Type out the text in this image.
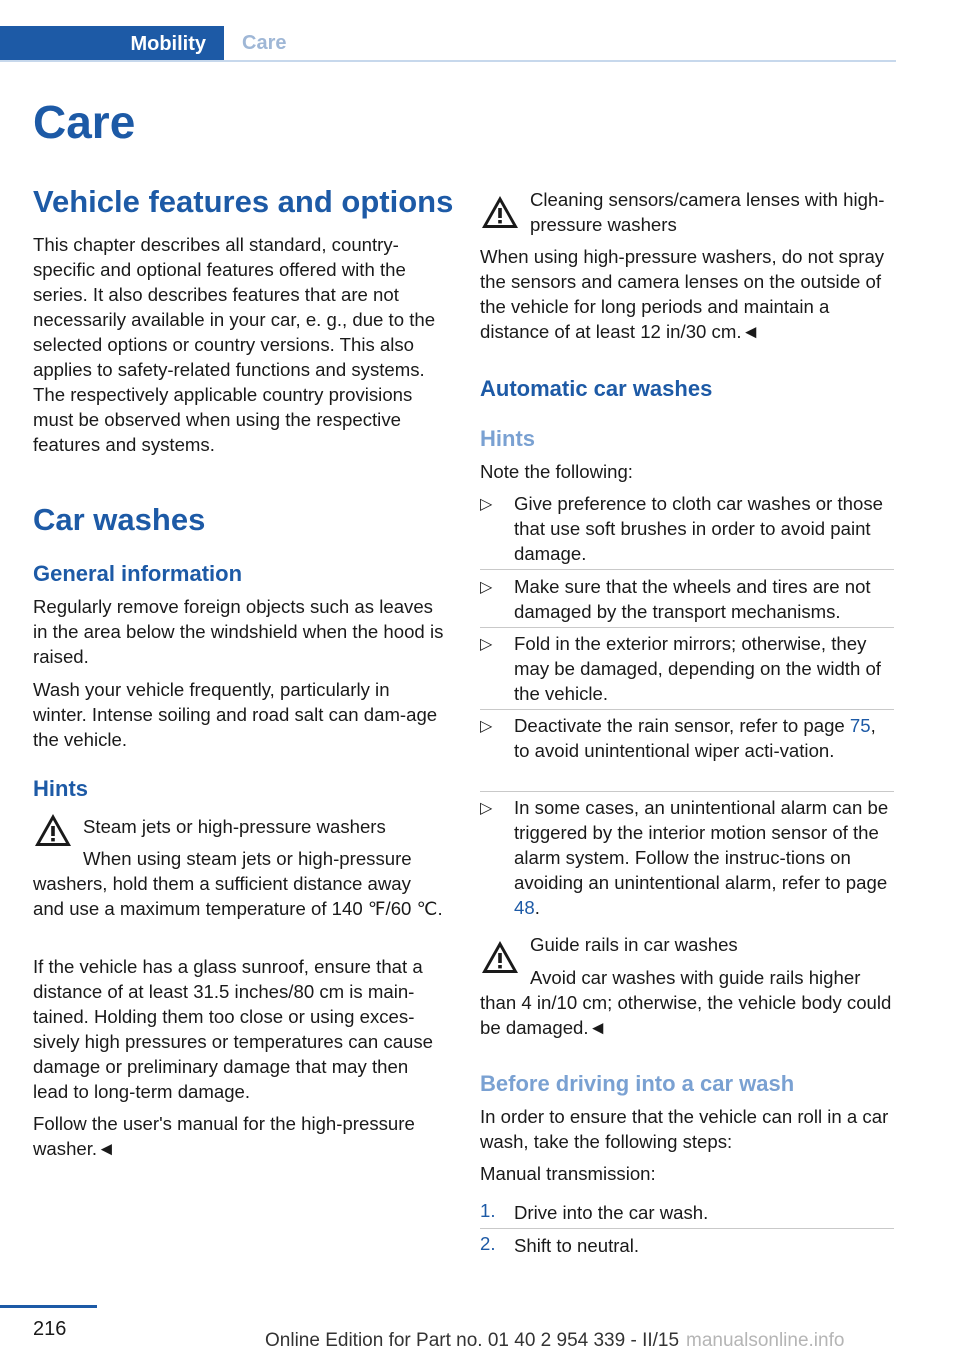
Mobility	Care
Care
Vehicle features and options

This chapter describes all standard, country-specific and optional features offered with the series. It also describes features that are not necessarily available in your car, e. g., due to the selected options or country versions. This also applies to safety-related functions and systems. The respectively applicable country provisions must be observed when using the respective features and systems.

Car washes
General information

Regularly remove foreign objects such as leaves in the area below the windshield when the hood is raised.

Wash your vehicle frequently, particularly in winter. Intense soiling and road salt can dam-age the vehicle.

Hints

Steam jets or high-pressure washers

When using steam jets or high-pressure washers, hold them a sufficient distance away and use a maximum temperature of 140 ℉/60 ℃.

If the vehicle has a glass sunroof, ensure that a distance of at least 31.5 inches/80 cm is main-tained. Holding them too close or using exces-sively high pressures or temperatures can cause damage or preliminary damage that may then lead to long-term damage.

Follow the user's manual for the high-pressure washer.◄

Cleaning sensors/camera lenses with high-pressure washers

When using high-pressure washers, do not spray the sensors and camera lenses on the outside of the vehicle for long periods and maintain a distance of at least 12 in/30 cm.◄

Automatic car washes
Hints

Note the following:

▷ Give preference to cloth car washes or those that use soft brushes in order to avoid paint damage.
▷ Make sure that the wheels and tires are not damaged by the transport mechanisms.
▷ Fold in the exterior mirrors; otherwise, they may be damaged, depending on the width of the vehicle.
▷ Deactivate the rain sensor, refer to page 75, to avoid unintentional wiper acti-vation.
▷ In some cases, an unintentional alarm can be triggered by the interior motion sensor of the alarm system. Follow the instruc-tions on avoiding an unintentional alarm, refer to page 48.

Guide rails in car washes

Avoid car washes with guide rails higher than 4 in/10 cm; otherwise, the vehicle body could be damaged.◄

Before driving into a car wash

In order to ensure that the vehicle can roll in a car wash, take the following steps:

Manual transmission:

1. Drive into the car wash.
2. Shift to neutral.
216
Online Edition for Part no. 01 40 2 954 339 - II/15 manualsonline.info
